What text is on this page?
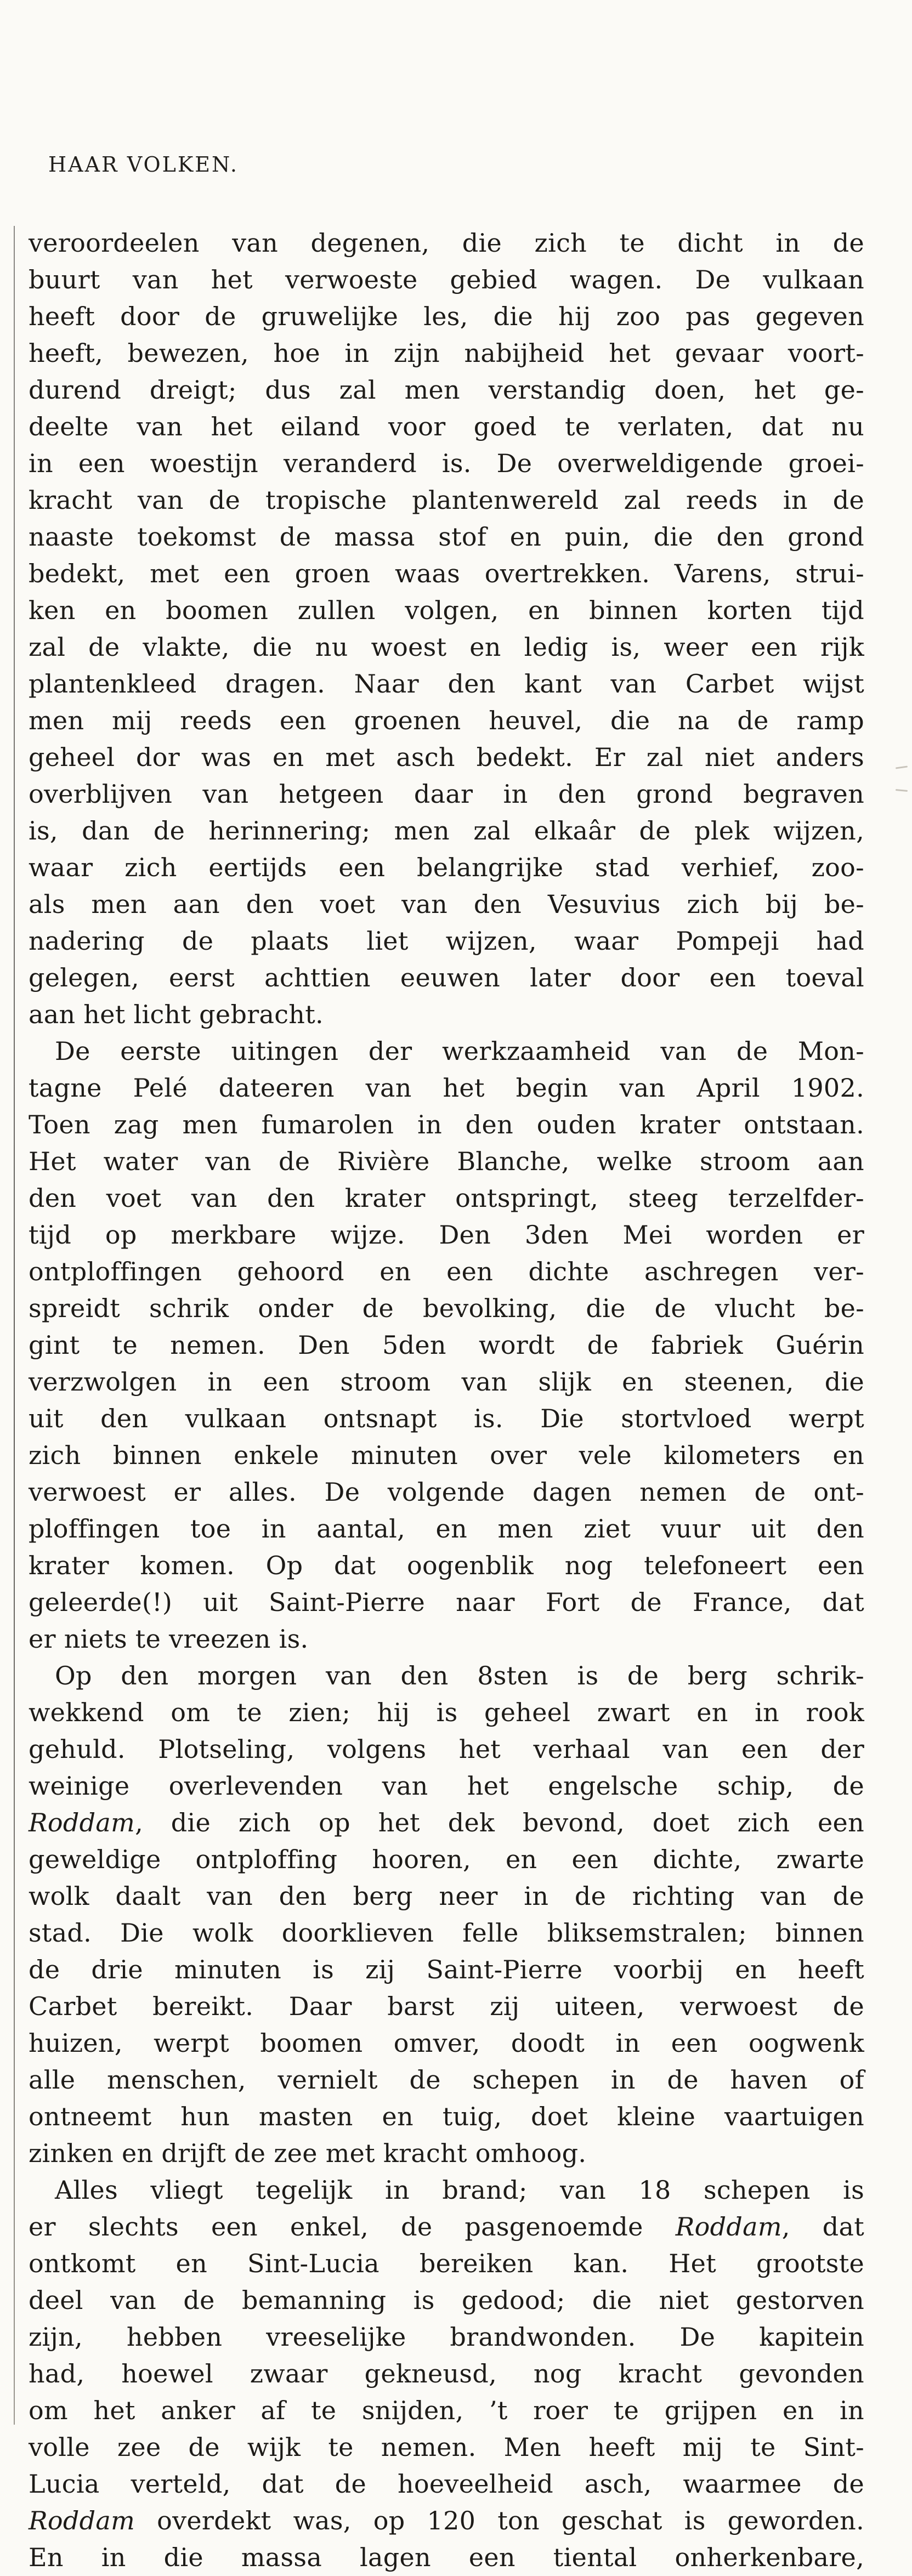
HAAR VOLKEN.
veroordeelen van degenen, die zich te dicht in de
buurt van het verwoeste gebied wagen. De vulkaan
heeft door de gruwelijke les, die hij zoo pas gegeven
heeft, bewezen, hoe in zijn nabijheid het gevaar voort-
durend dreigt; dus zal men verstandig doen, het ge-
deelte van het eiland voor goed te verlaten, dat nu
in een woestijn veranderd is. De overweldigende groei-
kracht van de tropische plantenwereld zal reeds in de
naaste toekomst de massa stof en puin, die den grond
bedekt, met een groen waas overtrekken. Varens, strui-
ken en boomen zullen volgen, en binnen korten tijd
zal de vlakte, die nu woest en ledig is, weer een rijk
plantenkleed dragen. Naar den kant van Carbet wijst
men mij reeds een groenen heuvel, die na de ramp
geheel dor was en met asch bedekt. Er zal niet anders
overblijven van hetgeen daar in den grond begraven
is, dan de herinnering; men zal elkaâr de plek wijzen,
waar zich eertijds een belangrijke stad verhief, zoo-
als men aan den voet van den Vesuvius zich bij be-
nadering de plaats liet wijzen, waar Pompeji had
gelegen, eerst achttien eeuwen later door een toeval
aan het licht gebracht.
De eerste uitingen der werkzaamheid van de Mon-
tagne Pelé dateeren van het begin van April 1902.
Toen zag men fumarolen in den ouden krater ontstaan.
Het water van de Rivière Blanche, welke stroom aan
den voet van den krater ontspringt, steeg terzelfder-
tijd op merkbare wijze. Den 3den Mei worden er
ontploffingen gehoord en een dichte aschregen ver-
spreidt schrik onder de bevolking, die de vlucht be-
gint te nemen. Den 5den wordt de fabriek Guérin
verzwolgen in een stroom van slijk en steenen, die
uit den vulkaan ontsnapt is. Die stortvloed werpt
zich binnen enkele minuten over vele kilometers en
verwoest er alles. De volgende dagen nemen de ont-
ploffingen toe in aantal, en men ziet vuur uit den
krater komen. Op dat oogenblik nog telefoneert een
geleerde(!) uit Saint-Pierre naar Fort de France, dat
er niets te vreezen is.
Op den morgen van den 8sten is de berg schrik-
wekkend om te zien; hij is geheel zwart en in rook
gehuld. Plotseling, volgens het verhaal van een der
weinige overlevenden van het engelsche schip, de
Roddam, die zich op het dek bevond, doet zich een
geweldige ontploffing hooren, en een dichte, zwarte
wolk daalt van den berg neer in de richting van de
stad. Die wolk doorklieven felle bliksemstralen; binnen
de drie minuten is zij Saint-Pierre voorbij en heeft
Carbet bereikt. Daar barst zij uiteen, verwoest de
huizen, werpt boomen omver, doodt in een oogwenk
alle menschen, vernielt de schepen in de haven of
ontneemt hun masten en tuig, doet kleine vaartuigen
zinken en drijft de zee met kracht omhoog.
Alles vliegt tegelijk in brand; van 18 schepen is
er slechts een enkel, de pasgenoemde Roddam, dat
ontkomt en Sint-Lucia bereiken kan. Het grootste
deel van de bemanning is gedood; die niet gestorven
zijn, hebben vreeselijke brandwonden. De kapitein
had, hoewel zwaar gekneusd, nog kracht gevonden
om het anker af te snijden, ’t roer te grijpen en in
volle zee de wijk te nemen. Men heeft mij te Sint-
Lucia verteld, dat de hoeveelheid asch, waarmee de
Roddam overdekt was, op 120 ton geschat is geworden.
En in die massa lagen een tiental onherkenbare,
